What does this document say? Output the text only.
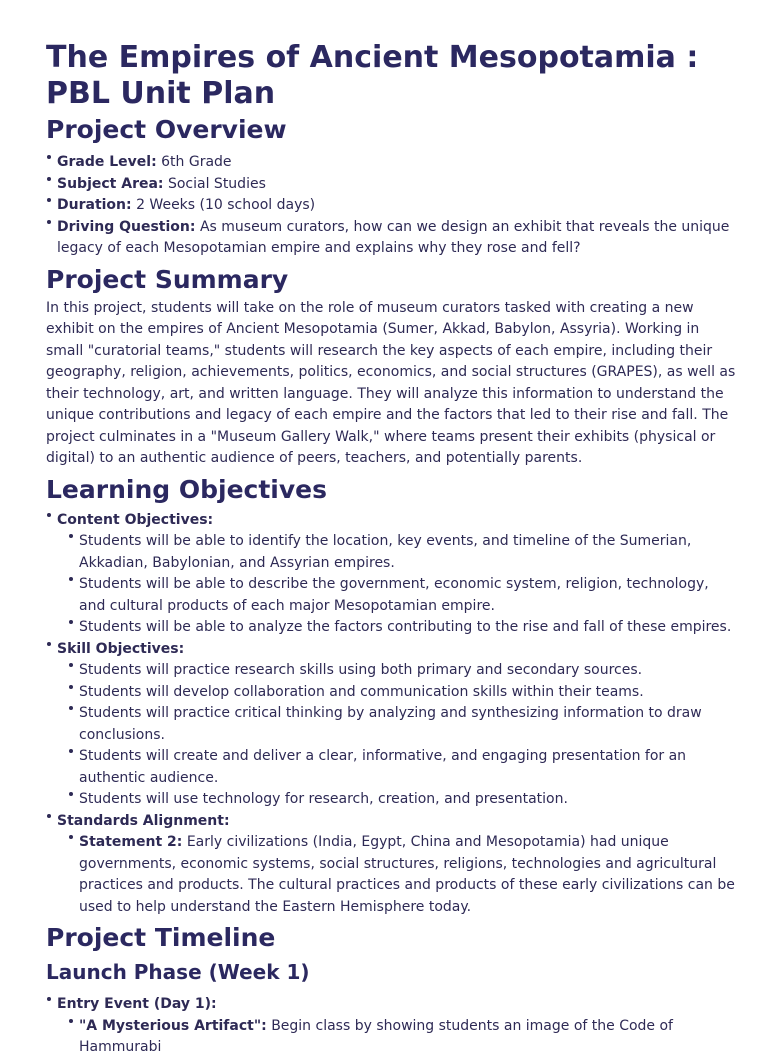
The Empires of Ancient Mesopotamia : PBL Unit Plan
Project Overview
Grade Level: 6th Grade
Subject Area: Social Studies
Duration: 2 Weeks (10 school days)
Driving Question: As museum curators, how can we design an exhibit that reveals the unique legacy of each Mesopotamian empire and explains why they rose and fell?
Project Summary

In this project, students will take on the role of museum curators tasked with creating a new exhibit on the empires of Ancient Mesopotamia (Sumer, Akkad, Babylon, Assyria). Working in small "curatorial teams," students will research the key aspects of each empire, including their geography, religion, achievements, politics, economics, and social structures (GRAPES), as well as their technology, art, and written language. They will analyze this information to understand the unique contributions and legacy of each empire and the factors that led to their rise and fall. The project culminates in a "Museum Gallery Walk," where teams present their exhibits (physical or digital) to an authentic audience of peers, teachers, and potentially parents.

Learning Objectives
Content Objectives:
Students will be able to identify the location, key events, and timeline of the Sumerian, Akkadian, Babylonian, and Assyrian empires.
Students will be able to describe the government, economic system, religion, technology, and cultural products of each major Mesopotamian empire.
Students will be able to analyze the factors contributing to the rise and fall of these empires.
Skill Objectives:
Students will practice research skills using both primary and secondary sources.
Students will develop collaboration and communication skills within their teams.
Students will practice critical thinking by analyzing and synthesizing information to draw conclusions.
Students will create and deliver a clear, informative, and engaging presentation for an authentic audience.
Students will use technology for research, creation, and presentation.
Standards Alignment:
Statement 2: Early civilizations (India, Egypt, China and Mesopotamia) had unique governments, economic systems, social structures, religions, technologies and agricultural practices and products. The cultural practices and products of these early civilizations can be used to help understand the Eastern Hemisphere today.
Project Timeline
Launch Phase (Week 1)
Entry Event (Day 1):
"A Mysterious Artifact": Begin class by showing students an image of the Code of Hammurabi
